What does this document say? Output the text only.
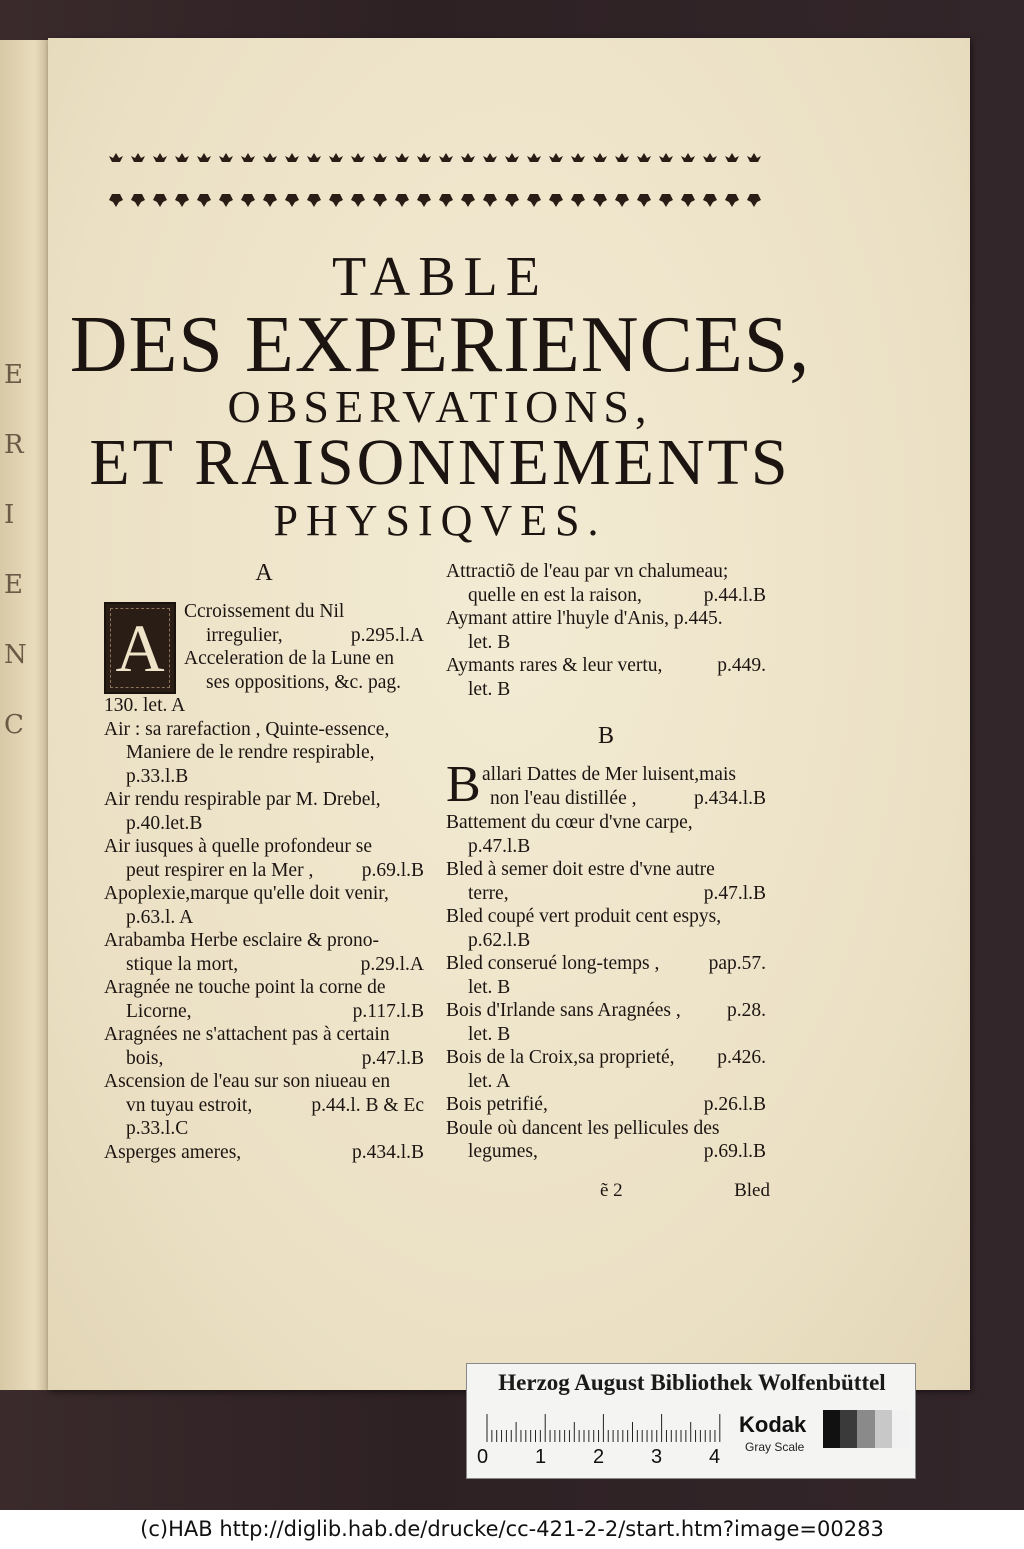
E
R
I
E
N
C
TABLE
DES EXPERIENCES,
OBSERVATIONS,
ET RAISONNEMENTS
PHYSIQVES.
A
A Ccroissement du Nil
irregulier,	p.295.l.A
Acceleration de la Lune en
ses oppositions, &c. pag.
130. let. A
Air : sa rarefaction , Quinte-essence,
Maniere de le rendre respirable,
p.33.l.B
Air rendu respirable par M. Drebel,
p.40.let.B
Air iusques à quelle profondeur se
peut respirer en la Mer , p.69.l.B
Apoplexie,marque qu'elle doit venir,
p.63.l. A
Arabamba Herbe esclaire & prono-
stique la mort,	p.29.l.A
Aragnée ne touche point la corne de
Licorne,	p.117.l.B
Aragnées ne s'attachent pas à certain
bois,	p.47.l.B
Ascension de l'eau sur son niueau en
vn tuyau estroit,	p.44.l. B & Ec
p.33.l.C
Asperges ameres,	p.434.l.B
Attractiõ de l'eau par vn chalumeau;
quelle en est la raison,	p.44.l.B
Aymant attire l'huyle d'Anis, p.445.
let. B
Aymants rares & leur vertu,	p.449.
let. B
B
B allari Dattes de Mer luisent,mais
non l'eau distillée ,	p.434.l.B
Battement du cœur d'vne carpe,
p.47.l.B
Bled à semer doit estre d'vne autre
terre,	p.47.l.B
Bled coupé vert produit cent espys,
p.62.l.B
Bled conserué long-temps ,	pap.57.
let. B
Bois d'Irlande sans Aragnées , p.28.
let. B
Bois de la Croix,sa proprieté, p.426.
let. A
Bois petrifié,	p.26.l.B
Boule où dancent les pellicules des
legumes,	p.69.l.B
ẽ 2	Bled
Herzog August Bibliothek Wolfenbüttel
0 1 2 3 4
Kodak
Gray Scale
(c)HAB http://diglib.hab.de/drucke/cc-421-2-2/start.htm?image=00283
